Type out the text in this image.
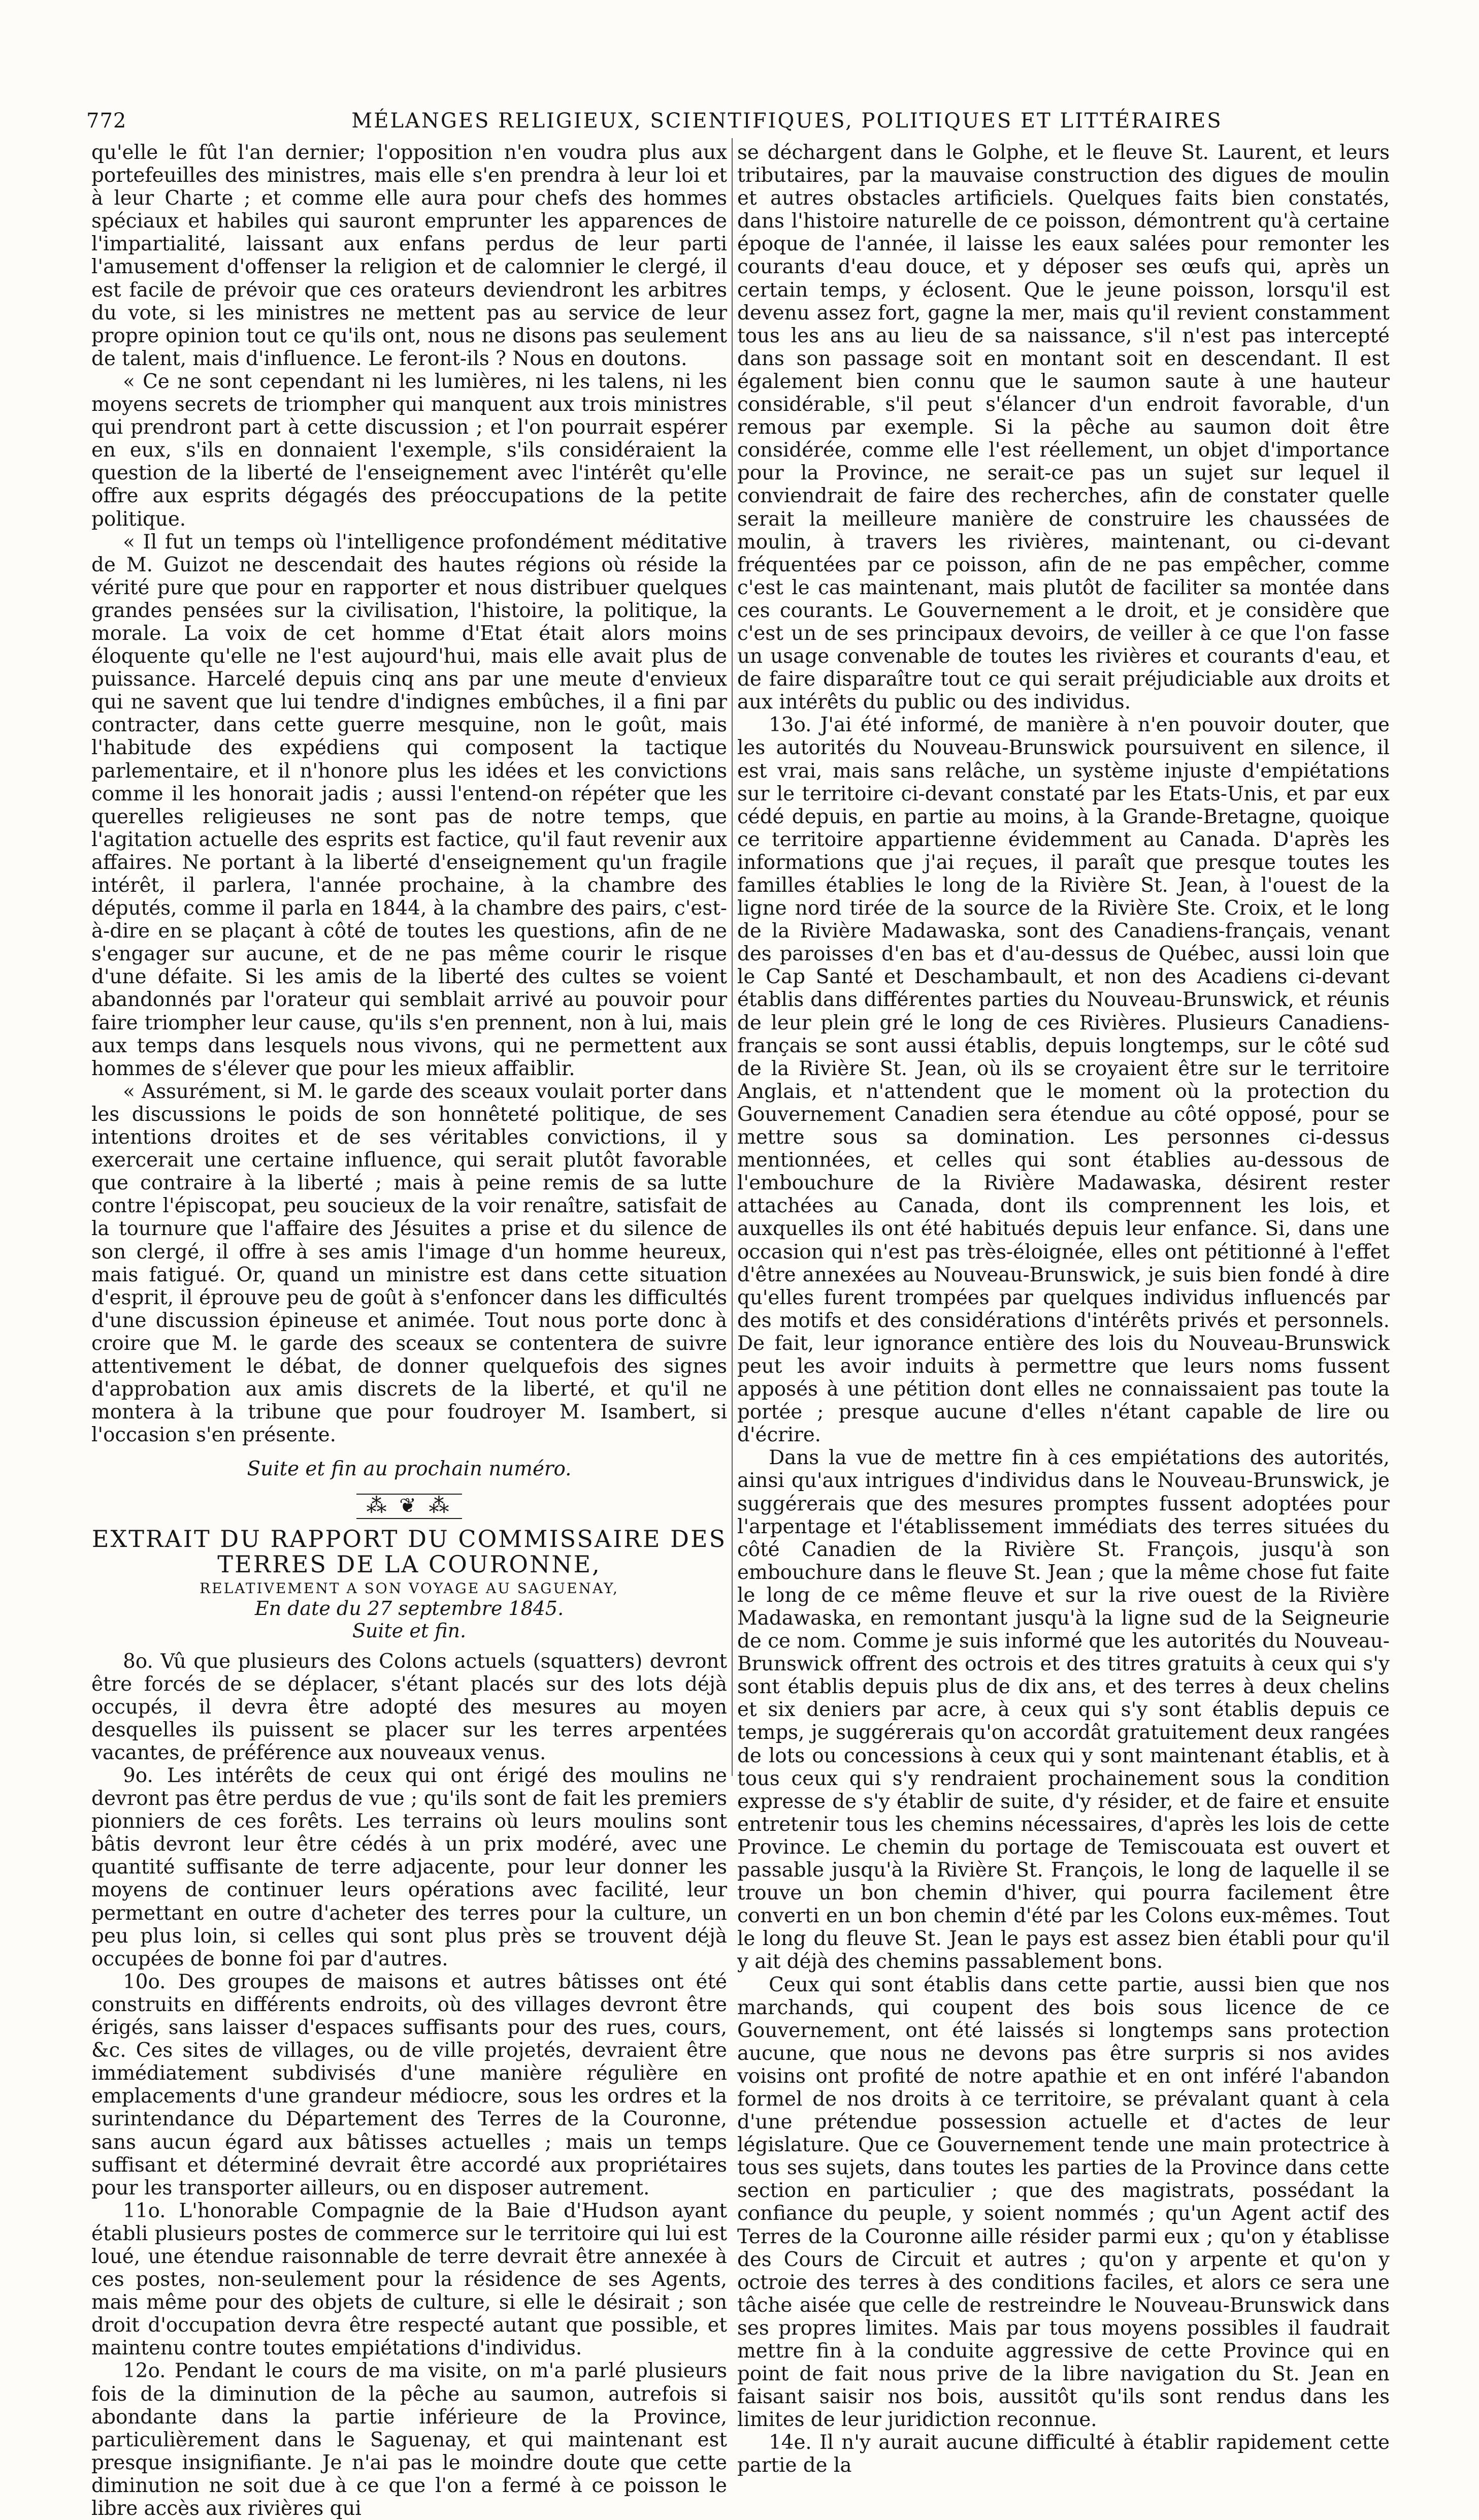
772	MÉLANGES RELIGIEUX, SCIENTIFIQUES, POLITIQUES ET LITTÉRAIRES

qu'elle le fût l'an dernier; l'opposition n'en voudra plus aux portefeuilles des ministres, mais elle s'en prendra à leur loi et à leur Charte ; et comme elle aura pour chefs des hommes spéciaux et habiles qui sauront emprunter les apparences de l'impartialité, laissant aux enfans perdus de leur parti l'amusement d'offenser la religion et de calomnier le clergé, il est facile de prévoir que ces orateurs deviendront les arbitres du vote, si les ministres ne mettent pas au service de leur propre opinion tout ce qu'ils ont, nous ne disons pas seulement de talent, mais d'influence. Le feront-ils ? Nous en doutons.

« Ce ne sont cependant ni les lumières, ni les talens, ni les moyens secrets de triompher qui manquent aux trois ministres qui prendront part à cette discussion ; et l'on pourrait espérer en eux, s'ils en donnaient l'exemple, s'ils considéraient la question de la liberté de l'enseignement avec l'intérêt qu'elle offre aux esprits dégagés des préoccupations de la petite politique.

« Il fut un temps où l'intelligence profondément méditative de M. Guizot ne descendait des hautes régions où réside la vérité pure que pour en rapporter et nous distribuer quelques grandes pensées sur la civilisation, l'histoire, la politique, la morale. La voix de cet homme d'Etat était alors moins éloquente qu'elle ne l'est aujourd'hui, mais elle avait plus de puissance. Harcelé depuis cinq ans par une meute d'envieux qui ne savent que lui tendre d'indignes embûches, il a fini par contracter, dans cette guerre mesquine, non le goût, mais l'habitude des expédiens qui composent la tactique parlementaire, et il n'honore plus les idées et les convictions comme il les honorait jadis ; aussi l'entend-on répéter que les querelles religieuses ne sont pas de notre temps, que l'agitation actuelle des esprits est factice, qu'il faut revenir aux affaires. Ne portant à la liberté d'enseignement qu'un fragile intérêt, il parlera, l'année prochaine, à la chambre des députés, comme il parla en 1844, à la chambre des pairs, c'est-à-dire en se plaçant à côté de toutes les questions, afin de ne s'engager sur aucune, et de ne pas même courir le risque d'une défaite. Si les amis de la liberté des cultes se voient abandonnés par l'orateur qui semblait arrivé au pouvoir pour faire triompher leur cause, qu'ils s'en prennent, non à lui, mais aux temps dans lesquels nous vivons, qui ne permettent aux hommes de s'élever que pour les mieux affaiblir.

« Assurément, si M. le garde des sceaux voulait porter dans les discussions le poids de son honnêteté politique, de ses intentions droites et de ses véritables convictions, il y exercerait une certaine influence, qui serait plutôt favorable que contraire à la liberté ; mais à peine remis de sa lutte contre l'épiscopat, peu soucieux de la voir renaître, satisfait de la tournure que l'affaire des Jésuites a prise et du silence de son clergé, il offre à ses amis l'image d'un homme heureux, mais fatigué. Or, quand un ministre est dans cette situation d'esprit, il éprouve peu de goût à s'enfoncer dans les difficultés d'une discussion épineuse et animée. Tout nous porte donc à croire que M. le garde des sceaux se contentera de suivre attentivement le débat, de donner quelquefois des signes d'approbation aux amis discrets de la liberté, et qu'il ne montera à la tribune que pour foudroyer M. Isambert, si l'occasion s'en présente.

Suite et fin au prochain numéro.
⁂ ❦ ⁂
EXTRAIT DU RAPPORT DU COMMISSAIRE DES TERRES DE LA COURONNE,
RELATIVEMENT A SON VOYAGE AU SAGUENAY,
En date du 27 septembre 1845.
Suite et fin.

8o. Vû que plusieurs des Colons actuels (squatters) devront être forcés de se déplacer, s'étant placés sur des lots déjà occupés, il devra être adopté des mesures au moyen desquelles ils puissent se placer sur les terres arpentées vacantes, de préférence aux nouveaux venus.

9o. Les intérêts de ceux qui ont érigé des moulins ne devront pas être perdus de vue ; qu'ils sont de fait les premiers pionniers de ces forêts. Les terrains où leurs moulins sont bâtis devront leur être cédés à un prix modéré, avec une quantité suffisante de terre adjacente, pour leur donner les moyens de continuer leurs opérations avec facilité, leur permettant en outre d'acheter des terres pour la culture, un peu plus loin, si celles qui sont plus près se trouvent déjà occupées de bonne foi par d'autres.

10o. Des groupes de maisons et autres bâtisses ont été construits en différents endroits, où des villages devront être érigés, sans laisser d'espaces suffisants pour des rues, cours, &c. Ces sites de villages, ou de ville projetés, devraient être immédiatement subdivisés d'une manière régulière en emplacements d'une grandeur médiocre, sous les ordres et la surintendance du Département des Terres de la Couronne, sans aucun égard aux bâtisses actuelles ; mais un temps suffisant et déterminé devrait être accordé aux propriétaires pour les transporter ailleurs, ou en disposer autrement.

11o. L'honorable Compagnie de la Baie d'Hudson ayant établi plusieurs postes de commerce sur le territoire qui lui est loué, une étendue raisonnable de terre devrait être annexée à ces postes, non-seulement pour la résidence de ses Agents, mais même pour des objets de culture, si elle le désirait ; son droit d'occupation devra être respecté autant que possible, et maintenu contre toutes empiétations d'individus.

12o. Pendant le cours de ma visite, on m'a parlé plusieurs fois de la diminution de la pêche au saumon, autrefois si abondante dans la partie inférieure de la Province, particulièrement dans le Saguenay, et qui maintenant est presque insignifiante. Je n'ai pas le moindre doute que cette diminution ne soit due à ce que l'on a fermé à ce poisson le libre accès aux rivières qui

se déchargent dans le Golphe, et le fleuve St. Laurent, et leurs tributaires, par la mauvaise construction des digues de moulin et autres obstacles artificiels. Quelques faits bien constatés, dans l'histoire naturelle de ce poisson, démontrent qu'à certaine époque de l'année, il laisse les eaux salées pour remonter les courants d'eau douce, et y déposer ses œufs qui, après un certain temps, y éclosent. Que le jeune poisson, lorsqu'il est devenu assez fort, gagne la mer, mais qu'il revient constamment tous les ans au lieu de sa naissance, s'il n'est pas intercepté dans son passage soit en montant soit en descendant. Il est également bien connu que le saumon saute à une hauteur considérable, s'il peut s'élancer d'un endroit favorable, d'un remous par exemple. Si la pêche au saumon doit être considérée, comme elle l'est réellement, un objet d'importance pour la Province, ne serait-ce pas un sujet sur lequel il conviendrait de faire des recherches, afin de constater quelle serait la meilleure manière de construire les chaussées de moulin, à travers les rivières, maintenant, ou ci-devant fréquentées par ce poisson, afin de ne pas empêcher, comme c'est le cas maintenant, mais plutôt de faciliter sa montée dans ces courants. Le Gouvernement a le droit, et je considère que c'est un de ses principaux devoirs, de veiller à ce que l'on fasse un usage convenable de toutes les rivières et courants d'eau, et de faire disparaître tout ce qui serait préjudiciable aux droits et aux intérêts du public ou des individus.

13o. J'ai été informé, de manière à n'en pouvoir douter, que les autorités du Nouveau-Brunswick poursuivent en silence, il est vrai, mais sans relâche, un système injuste d'empiétations sur le territoire ci-devant constaté par les Etats-Unis, et par eux cédé depuis, en partie au moins, à la Grande-Bretagne, quoique ce territoire appartienne évidemment au Canada. D'après les informations que j'ai reçues, il paraît que presque toutes les familles établies le long de la Rivière St. Jean, à l'ouest de la ligne nord tirée de la source de la Rivière Ste. Croix, et le long de la Rivière Madawaska, sont des Canadiens-français, venant des paroisses d'en bas et d'au-dessus de Québec, aussi loin que le Cap Santé et Deschambault, et non des Acadiens ci-devant établis dans différentes parties du Nouveau-Brunswick, et réunis de leur plein gré le long de ces Rivières. Plusieurs Canadiens-français se sont aussi établis, depuis longtemps, sur le côté sud de la Rivière St. Jean, où ils se croyaient être sur le territoire Anglais, et n'attendent que le moment où la protection du Gouvernement Canadien sera étendue au côté opposé, pour se mettre sous sa domination. Les personnes ci-dessus mentionnées, et celles qui sont établies au-dessous de l'embouchure de la Rivière Madawaska, désirent rester attachées au Canada, dont ils comprennent les lois, et auxquelles ils ont été habitués depuis leur enfance. Si, dans une occasion qui n'est pas très-éloignée, elles ont pétitionné à l'effet d'être annexées au Nouveau-Brunswick, je suis bien fondé à dire qu'elles furent trompées par quelques individus influencés par des motifs et des considérations d'intérêts privés et personnels. De fait, leur ignorance entière des lois du Nouveau-Brunswick peut les avoir induits à permettre que leurs noms fussent apposés à une pétition dont elles ne connaissaient pas toute la portée ; presque aucune d'elles n'étant capable de lire ou d'écrire.

Dans la vue de mettre fin à ces empiétations des autorités, ainsi qu'aux intrigues d'individus dans le Nouveau-Brunswick, je suggérerais que des mesures promptes fussent adoptées pour l'arpentage et l'établissement immédiats des terres situées du côté Canadien de la Rivière St. François, jusqu'à son embouchure dans le fleuve St. Jean ; que la même chose fut faite le long de ce même fleuve et sur la rive ouest de la Rivière Madawaska, en remontant jusqu'à la ligne sud de la Seigneurie de ce nom. Comme je suis informé que les autorités du Nouveau-Brunswick offrent des octrois et des titres gratuits à ceux qui s'y sont établis depuis plus de dix ans, et des terres à deux chelins et six deniers par acre, à ceux qui s'y sont établis depuis ce temps, je suggérerais qu'on accordât gratuitement deux rangées de lots ou concessions à ceux qui y sont maintenant établis, et à tous ceux qui s'y rendraient prochainement sous la condition expresse de s'y établir de suite, d'y résider, et de faire et ensuite entretenir tous les chemins nécessaires, d'après les lois de cette Province. Le chemin du portage de Temiscouata est ouvert et passable jusqu'à la Rivière St. François, le long de laquelle il se trouve un bon chemin d'hiver, qui pourra facilement être converti en un bon chemin d'été par les Colons eux-mêmes. Tout le long du fleuve St. Jean le pays est assez bien établi pour qu'il y ait déjà des chemins passablement bons.

Ceux qui sont établis dans cette partie, aussi bien que nos marchands, qui coupent des bois sous licence de ce Gouvernement, ont été laissés si longtemps sans protection aucune, que nous ne devons pas être surpris si nos avides voisins ont profité de notre apathie et en ont inféré l'abandon formel de nos droits à ce territoire, se prévalant quant à cela d'une prétendue possession actuelle et d'actes de leur législature. Que ce Gouvernement tende une main protectrice à tous ses sujets, dans toutes les parties de la Province dans cette section en particulier ; que des magistrats, possédant la confiance du peuple, y soient nommés ; qu'un Agent actif des Terres de la Couronne aille résider parmi eux ; qu'on y établisse des Cours de Circuit et autres ; qu'on y arpente et qu'on y octroie des terres à des conditions faciles, et alors ce sera une tâche aisée que celle de restreindre le Nouveau-Brunswick dans ses propres limites. Mais par tous moyens possibles il faudrait mettre fin à la conduite aggressive de cette Province qui en point de fait nous prive de la libre navigation du St. Jean en faisant saisir nos bois, aussitôt qu'ils sont rendus dans les limites de leur juridiction reconnue.

14e. Il n'y aurait aucune difficulté à établir rapidement cette partie de la
